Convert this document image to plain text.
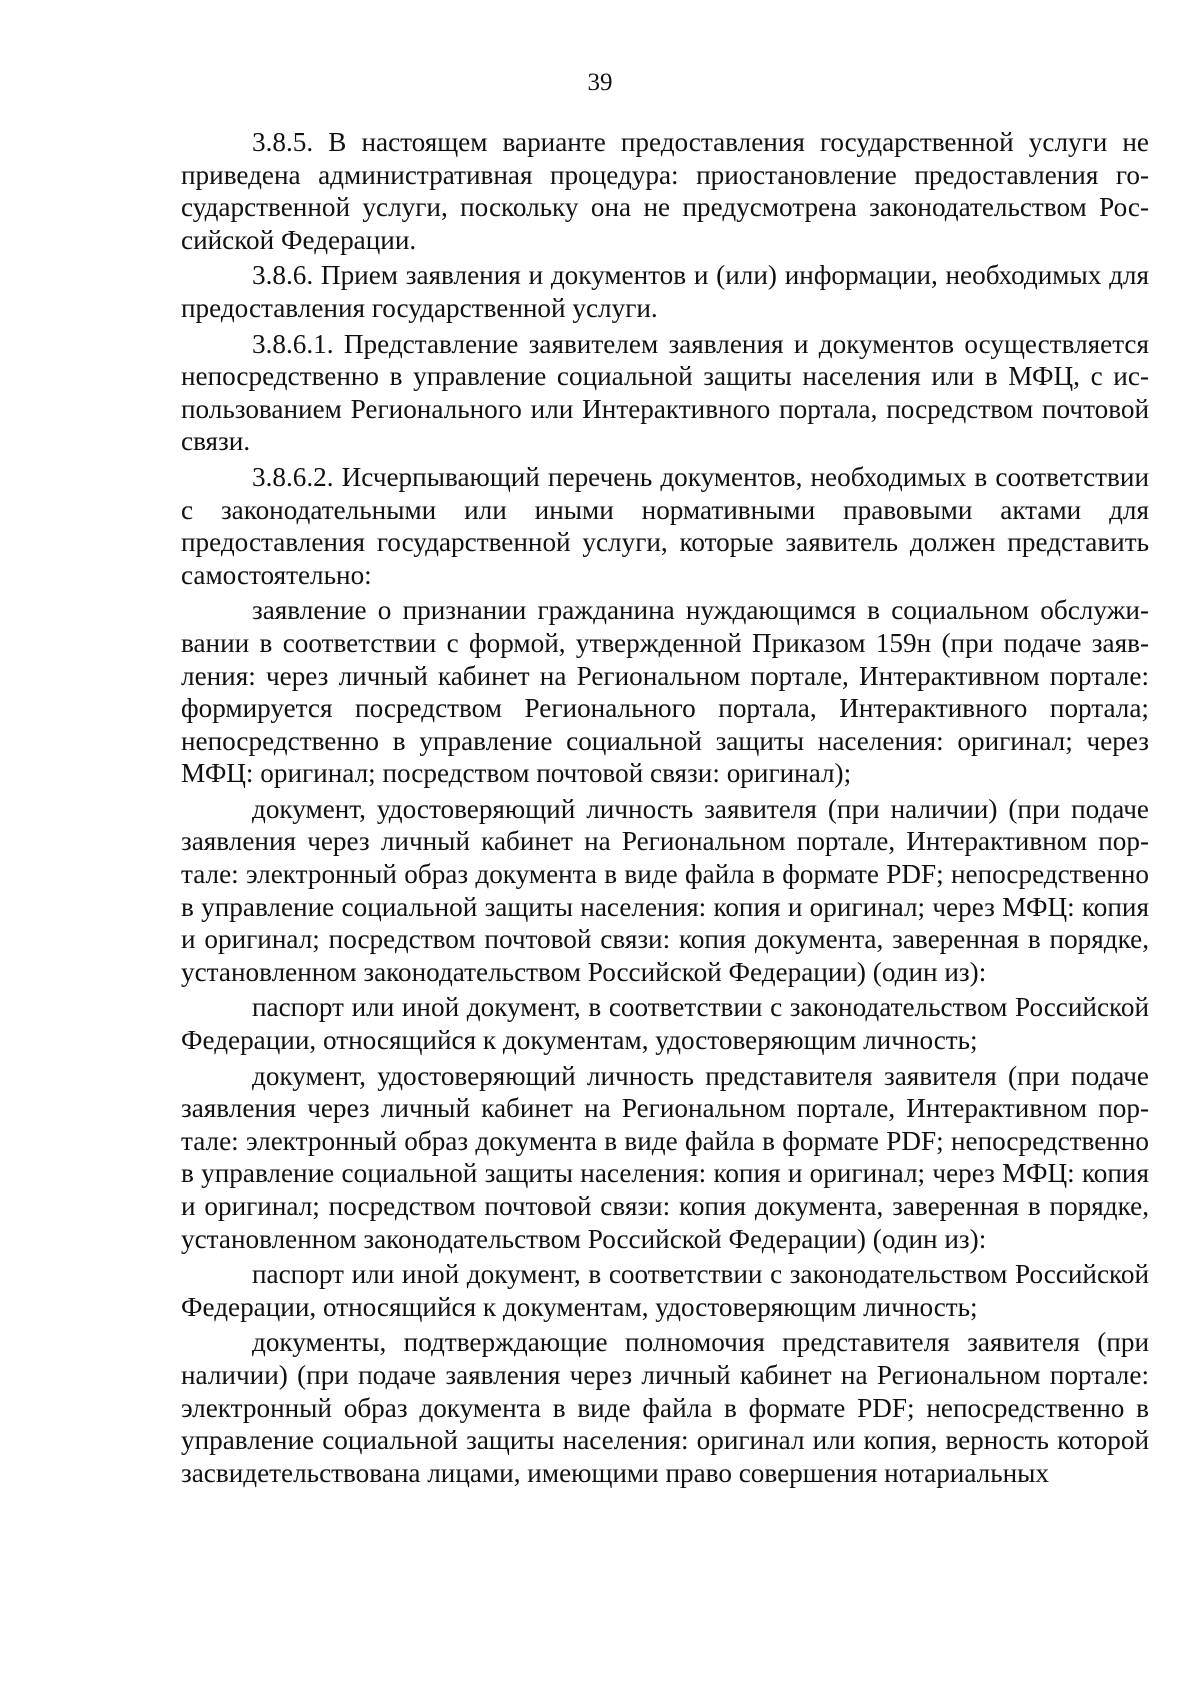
39

3.8.5. В настоящем варианте предоставления государственной услуги не приведена административная процедура: приостановление предоставления государственной услуги, поскольку она не предусмотрена законодательством Российской Федерации.

3.8.6. Прием заявления и документов и (или) информации, необходимых для предоставления государственной услуги.

3.8.6.1. Представление заявителем заявления и документов осуществляется непосредственно в управление социальной защиты населения или в МФЦ, с использованием Регионального или Интерактивного портала, посредством почтовой связи.

3.8.6.2. Исчерпывающий перечень документов, необходимых в соответствии с законодательными или иными нормативными правовыми актами для предоставления государственной услуги, которые заявитель должен представить самостоятельно:

заявление о признании гражданина нуждающимся в социальном обслуживании в соответствии с формой, утвержденной Приказом 159н (при подаче заявления: через личный кабинет на Региональном портале, Интерактивном портале: формируется посредством Регионального портала, Интерактивного портала; непосредственно в управление социальной защиты населения: оригинал; через МФЦ: оригинал; посредством почтовой связи: оригинал);

документ, удостоверяющий личность заявителя (при наличии) (при подаче заявления через личный кабинет на Региональном портале, Интерактивном портале: электронный образ документа в виде файла в формате PDF; непосредственно в управление социальной защиты населения: копия и оригинал; через МФЦ: копия и оригинал; посредством почтовой связи: копия документа, заверенная в порядке, установленном законодательством Российской Федерации) (один из):

паспорт или иной документ, в соответствии с законодательством Российской Федерации, относящийся к документам, удостоверяющим личность;

документ, удостоверяющий личность представителя заявителя (при подаче заявления через личный кабинет на Региональном портале, Интерактивном портале: электронный образ документа в виде файла в формате PDF; непосредственно в управление социальной защиты населения: копия и оригинал; через МФЦ: копия и оригинал; посредством почтовой связи: копия документа, заверенная в порядке, установленном законодательством Российской Федерации) (один из):

паспорт или иной документ, в соответствии с законодательством Российской Федерации, относящийся к документам, удостоверяющим личность;

документы, подтверждающие полномочия представителя заявителя (при наличии) (при подаче заявления через личный кабинет на Региональном портале: электронный образ документа в виде файла в формате PDF; непосредственно в управление социальной защиты населения: оригинал или копия, верность которой засвидетельствована лицами, имеющими право совершения нотариальных
